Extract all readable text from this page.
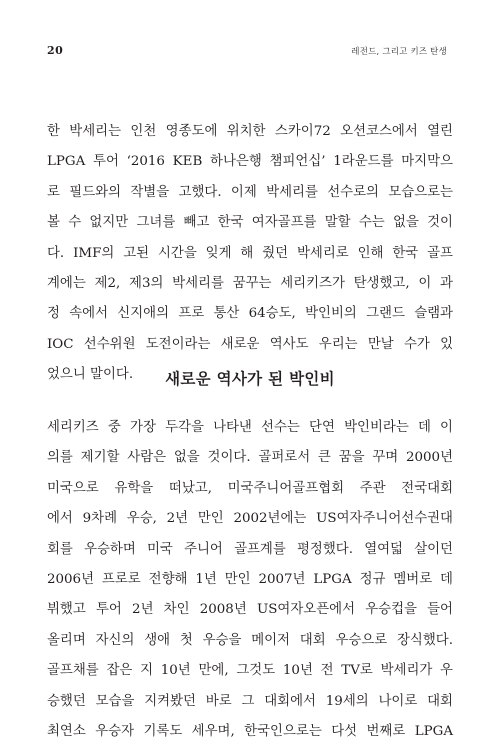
20	레전드, 그리고 키즈 탄생
한 박세리는 인천 영종도에 위치한 스카이72 오션코스에서 열린
LPGA 투어 ‘2016 KEB 하나은행 챔피언십’ 1라운드를 마지막으
로 필드와의 작별을 고했다. 이제 박세리를 선수로의 모습으로는
볼 수 없지만 그녀를 빼고 한국 여자골프를 말할 수는 없을 것이
다. IMF의 고된 시간을 잊게 해 줬던 박세리로 인해 한국 골프
계에는 제2, 제3의 박세리를 꿈꾸는 세리키즈가 탄생했고, 이 과
정 속에서 신지애의 프로 통산 64승도, 박인비의 그랜드 슬램과
IOC 선수위원 도전이라는 새로운 역사도 우리는 만날 수가 있
었으니 말이다.	새로운 역사가 된 박인비
세리키즈 중 가장 두각을 나타낸 선수는 단연 박인비라는 데 이
의를 제기할 사람은 없을 것이다. 골퍼로서 큰 꿈을 꾸며 2000년
미국으로 유학을 떠났고, 미국주니어골프협회 주관 전국대회
에서 9차례 우승, 2년 만인 2002년에는 US여자주니어선수권대
회를 우승하며 미국 주니어 골프계를 평정했다. 열여덟 살이던
2006년 프로로 전향해 1년 만인 2007년 LPGA 정규 멤버로 데
뷔했고 투어 2년 차인 2008년 US여자오픈에서 우승컵을 들어
올리며 자신의 생애 첫 우승을 메이저 대회 우승으로 장식했다.
골프채를 잡은 지 10년 만에, 그것도 10년 전 TV로 박세리가 우
승했던 모습을 지켜봤던 바로 그 대회에서 19세의 나이로 대회
최연소 우승자 기록도 세우며, 한국인으로는 다섯 번째로 LPGA
